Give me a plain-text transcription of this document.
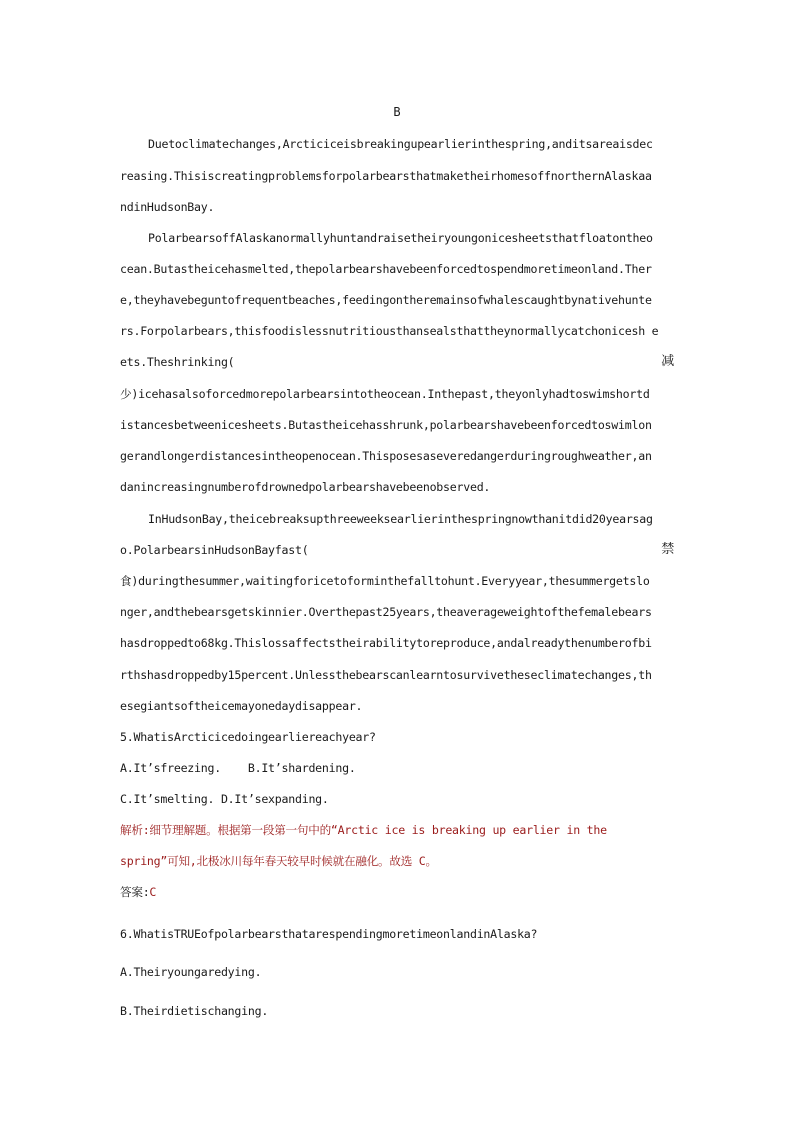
B
Duetoclimatechanges,Arcticiceisbreakingupearlierinthespring,anditsareaisdec
reasing.ThisiscreatingproblemsforpolarbearsthatmaketheirhomesoffnorthernAlaskaa
ndinHudsonBay.
PolarbearsoffAlaskanormallyhuntandraisetheiryoungonicesheetsthatfloatontheo
cean.Butastheicehasmelted,thepolarbearshavebeenforcedtospendmoretimeonland.Ther
e,theyhavebeguntofrequentbeaches,feedingontheremainsofwhalescaughtbynativehunte
rs.Forpolarbears,thisfoodislessnutritiousthansealsthattheynormallycatchonicesh e
ets.Theshrinking(	减
少)icehasalsoforcedmorepolarbearsintotheocean.Inthepast,theyonlyhadtoswimshortd
istancesbetweenicesheets.Butastheicehasshrunk,polarbearshavebeenforcedtoswimlon
gerandlongerdistancesintheopenocean.Thisposesaseveredangerduringroughweather,an
danincreasingnumberofdrownedpolarbearshavebeenobserved.
InHudsonBay,theicebreaksupthreeweeksearlierinthespringnowthanitdid20yearsag
o.PolarbearsinHudsonBayfast(	禁
食)duringthesummer,waitingforicetoforminthefalltohunt.Everyyear,thesummergetslo
nger,andthebearsgetskinnier.Overthepast25years,theaverageweightofthefemalebears
hasdroppedto68kg.Thislossaffectstheirabilitytoreproduce,andalreadythenumberofbi
rthshasdroppedby15percent.Unlessthebearscanlearntosurvivetheseclimatechanges,th
esegiantsoftheicemayonedaydisappear.
5.WhatisArcticicedoingearliereachyear?
A.It’sfreezing.    B.It’shardening.
C.It’smelting. D.It’sexpanding.
解析:细节理解题。根据第一段第一句中的“Arctic ice is breaking up earlier in the
spring”可知,北极冰川每年春天较早时候就在融化。故选 C。
答案:C
6.WhatisTRUEofpolarbearsthatarespendingmoretimeonlandinAlaska?
A.Theiryoungaredying.
B.Theirdietischanging.
